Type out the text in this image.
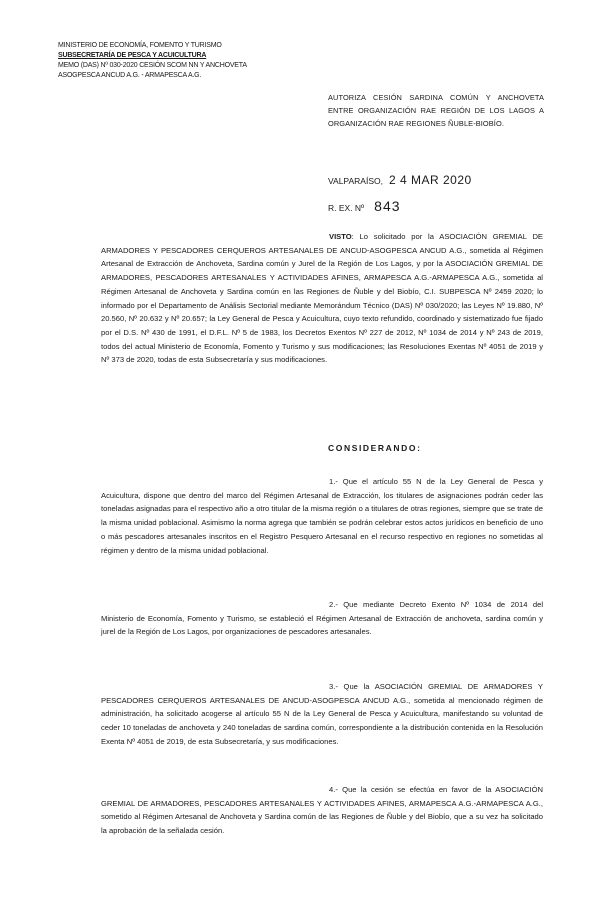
MINISTERIO DE ECONOMÍA, FOMENTO Y TURISMO
SUBSECRETARÍA DE PESCA Y ACUICULTURA
MEMO (DAS) Nº 030-2020 CESIÓN SCOM NN Y ANCHOVETA
ASOGPESCA ANCUD A.G. - ARMAPESCA A.G.
AUTORIZA CESIÓN SARDINA COMÚN Y ANCHOVETA ENTRE ORGANIZACIÓN RAE REGIÓN DE LOS LAGOS A ORGANIZACIÓN RAE REGIONES ÑUBLE-BIOBÍO.
VALPARAÍSO, 2 4 MAR 2020
R. EX. Nº 843
VISTO: Lo solicitado por la ASOCIACIÓN GREMIAL DE ARMADORES Y PESCADORES CERQUEROS ARTESANALES DE ANCUD-ASOGPESCA ANCUD A.G., sometida al Régimen Artesanal de Extracción de Anchoveta, Sardina común y Jurel de la Región de Los Lagos, y por la ASOCIACIÓN GREMIAL DE ARMADORES, PESCADORES ARTESANALES Y ACTIVIDADES AFINES, ARMAPESCA A.G.-ARMAPESCA A.G., sometida al Régimen Artesanal de Anchoveta y Sardina común en las Regiones de Ñuble y del Biobío, C.I. SUBPESCA Nº 2459 2020; lo informado por el Departamento de Análisis Sectorial mediante Memorándum Técnico (DAS) Nº 030/2020; las Leyes Nº 19.880, Nº 20.560, Nº 20.632 y Nº 20.657; la Ley General de Pesca y Acuicultura, cuyo texto refundido, coordinado y sistematizado fue fijado por el D.S. Nº 430 de 1991, el D.F.L. Nº 5 de 1983, los Decretos Exentos Nº 227 de 2012, Nº 1034 de 2014 y Nº 243 de 2019, todos del actual Ministerio de Economía, Fomento y Turismo y sus modificaciones; las Resoluciones Exentas Nº 4051 de 2019 y Nº 373 de 2020, todas de esta Subsecretaría y sus modificaciones.
CONSIDERANDO:
1.- Que el artículo 55 N de la Ley General de Pesca y Acuicultura, dispone que dentro del marco del Régimen Artesanal de Extracción, los titulares de asignaciones podrán ceder las toneladas asignadas para el respectivo año a otro titular de la misma región o a titulares de otras regiones, siempre que se trate de la misma unidad poblacional. Asimismo la norma agrega que también se podrán celebrar estos actos jurídicos en beneficio de uno o más pescadores artesanales inscritos en el Registro Pesquero Artesanal en el recurso respectivo en regiones no sometidas al régimen y dentro de la misma unidad poblacional.
2.- Que mediante Decreto Exento Nº 1034 de 2014 del Ministerio de Economía, Fomento y Turismo, se estableció el Régimen Artesanal de Extracción de anchoveta, sardina común y jurel de la Región de Los Lagos, por organizaciones de pescadores artesanales.
3.- Que la ASOCIACIÓN GREMIAL DE ARMADORES Y PESCADORES CERQUEROS ARTESANALES DE ANCUD-ASOGPESCA ANCUD A.G., sometida al mencionado régimen de administración, ha solicitado acogerse al artículo 55 N de la Ley General de Pesca y Acuicultura, manifestando su voluntad de ceder 10 toneladas de anchoveta y 240 toneladas de sardina común, correspondiente a la distribución contenida en la Resolución Exenta Nº 4051 de 2019, de esta Subsecretaría, y sus modificaciones.
4.- Que la cesión se efectúa en favor de la ASOCIACIÓN GREMIAL DE ARMADORES, PESCADORES ARTESANALES Y ACTIVIDADES AFINES, ARMAPESCA A.G.-ARMAPESCA A.G., sometido al Régimen Artesanal de Anchoveta y Sardina común de las Regiones de Ñuble y del Biobío, que a su vez ha solicitado la aprobación de la señalada cesión.
